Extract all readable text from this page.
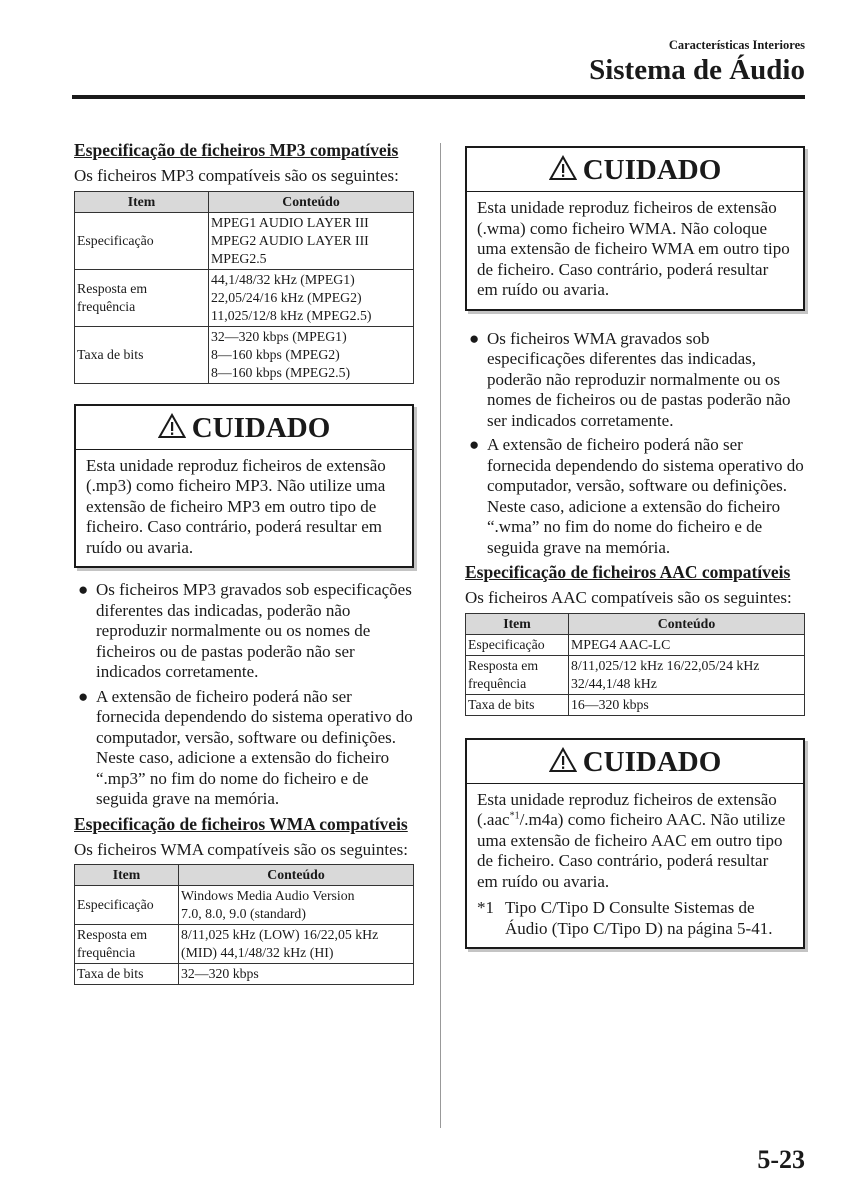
Características Interiores
Sistema de Áudio
Especificação de ficheiros MP3 compatíveis

Os ficheiros MP3 compatíveis são os seguintes:

Item	Conteúdo
Especificação	MPEG1 AUDIO LAYER III
MPEG2 AUDIO LAYER III
MPEG2.5

Resposta em frequência	44,1/48/32 kHz (MPEG1)
22,05/24/16 kHz (MPEG2)
11,025/12/8 kHz (MPEG2.5)

Taxa de bits	32—320 kbps (MPEG1)
8—160 kbps (MPEG2)
8—160 kbps (MPEG2.5)
CUIDADO
Esta unidade reproduz ficheiros de extensão (.mp3) como ficheiro MP3. Não utilize uma extensão de ficheiro MP3 em outro tipo de ficheiro. Caso contrário, poderá resultar em ruído ou avaria.
● Os ficheiros MP3 gravados sob especificações diferentes das indicadas, poderão não reproduzir normalmente ou os nomes de ficheiros ou de pastas poderão não ser indicados corretamente.
● A extensão de ficheiro poderá não ser fornecida dependendo do sistema operativo do computador, versão, software ou definições. Neste caso, adicione a extensão do ficheiro “.mp3” no fim do nome do ficheiro e de seguida grave na memória.
Especificação de ficheiros WMA compatíveis

Os ficheiros WMA compatíveis são os seguintes:

Item	Conteúdo
Especificação	Windows Media Audio Version
7.0, 8.0, 9.0 (standard)

Resposta em frequência	8/11,025 kHz (LOW) 16/22,05 kHz
(MID) 44,1/48/32 kHz (HI)

Taxa de bits	32—320 kbps
CUIDADO
Esta unidade reproduz ficheiros de extensão (.wma) como ficheiro WMA. Não coloque uma extensão de ficheiro WMA em outro tipo de ficheiro. Caso contrário, poderá resultar em ruído ou avaria.
● Os ficheiros WMA gravados sob especificações diferentes das indicadas, poderão não reproduzir normalmente ou os nomes de ficheiros ou de pastas poderão não ser indicados corretamente.
● A extensão de ficheiro poderá não ser fornecida dependendo do sistema operativo do computador, versão, software ou definições. Neste caso, adicione a extensão do ficheiro “.wma” no fim do nome do ficheiro e de seguida grave na memória.
Especificação de ficheiros AAC compatíveis

Os ficheiros AAC compatíveis são os seguintes:

Item	Conteúdo
Especificação	MPEG4 AAC-LC

Resposta em frequência	8/11,025/12 kHz 16/22,05/24 kHz
32/44,1/48 kHz

Taxa de bits	16—320 kbps
CUIDADO
Esta unidade reproduz ficheiros de extensão (.aac$^{*1}$/.m4a) como ficheiro AAC. Não utilize uma extensão de ficheiro AAC em outro tipo de ficheiro. Caso contrário, poderá resultar em ruído ou avaria.
*1 Tipo C/Tipo D Consulte Sistemas de Áudio (Tipo C/Tipo D) na página 5-41.
5-23
